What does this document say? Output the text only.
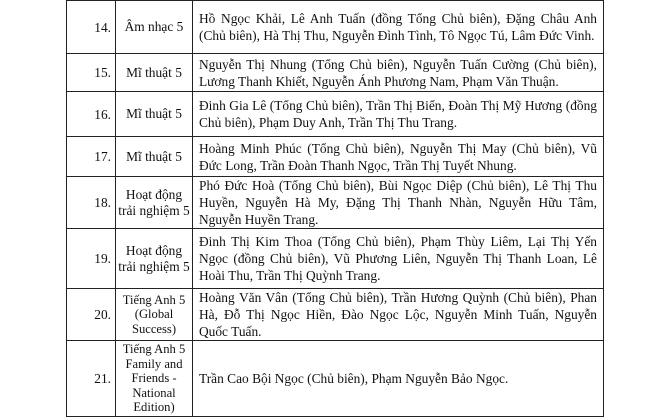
14.	Âm nhạc 5	Hồ Ngọc Khải, Lê Anh Tuấn (đồng Tổng Chủ biên), Đặng Châu Anh (Chủ biên), Hà Thị Thu, Nguyễn Đình Tình, Tô Ngọc Tú, Lâm Đức Vinh.

15.	Mĩ thuật 5	Nguyễn Thị Nhung (Tổng Chủ biên), Nguyễn Tuấn Cường (Chủ biên), Lương Thanh Khiết, Nguyễn Ánh Phương Nam, Phạm Văn Thuận.

16.	Mĩ thuật 5	Đinh Gia Lê (Tổng Chủ biên), Trần Thị Biển, Đoàn Thị Mỹ Hương (đồng Chủ biên), Phạm Duy Anh, Trần Thị Thu Trang.

17.	Mĩ thuật 5	Hoàng Minh Phúc (Tổng Chủ biên), Nguyễn Thị May (Chủ biên), Vũ Đức Long, Trần Đoàn Thanh Ngọc, Trần Thị Tuyết Nhung.

18.	Hoạt động trải nghiệm 5	Phó Đức Hoà (Tổng Chủ biên), Bùi Ngọc Diệp (Chủ biên), Lê Thị Thu Huyền, Nguyễn Hà My, Đặng Thị Thanh Nhàn, Nguyễn Hữu Tâm, Nguyễn Huyền Trang.

19.	Hoạt động trải nghiệm 5	Đinh Thị Kim Thoa (Tổng Chủ biên), Phạm Thùy Liêm, Lại Thị Yến Ngọc (đồng Chủ biên), Vũ Phương Liên, Nguyễn Thị Thanh Loan, Lê Hoài Thu, Trần Thị Quỳnh Trang.

20.	Tiếng Anh 5 (Global Success)	Hoàng Văn Vân (Tổng Chủ biên), Trần Hương Quỳnh (Chủ biên), Phan Hà, Đỗ Thị Ngọc Hiền, Đào Ngọc Lộc, Nguyễn Minh Tuấn, Nguyễn Quốc Tuấn.

21.	Tiếng Anh 5 Family and Friends - National Edition)	Trần Cao Bội Ngọc (Chủ biên), Phạm Nguyễn Bảo Ngọc.
